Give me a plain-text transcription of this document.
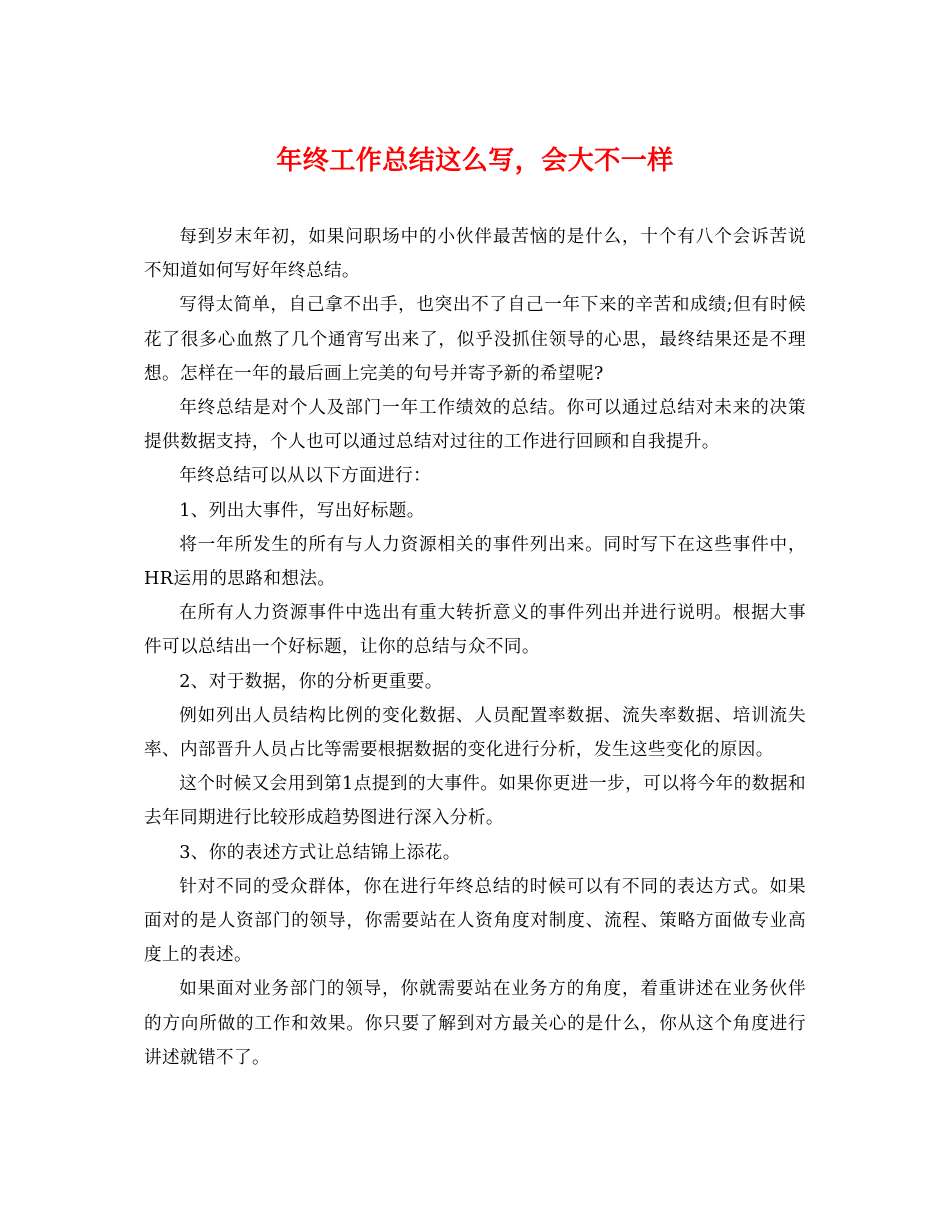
年终工作总结这么写，会大不一样

每到岁末年初，如果问职场中的小伙伴最苦恼的是什么，十个有八个会诉苦说不知道如何写好年终总结。

写得太简单，自己拿不出手，也突出不了自己一年下来的辛苦和成绩;但有时候花了很多心血熬了几个通宵写出来了，似乎没抓住领导的心思，最终结果还是不理想。怎样在一年的最后画上完美的句号并寄予新的希望呢?

年终总结是对个人及部门一年工作绩效的总结。你可以通过总结对未来的决策提供数据支持，个人也可以通过总结对过往的工作进行回顾和自我提升。

年终总结可以从以下方面进行：

1、列出大事件，写出好标题。

将一年所发生的所有与人力资源相关的事件列出来。同时写下在这些事件中，HR运用的思路和想法。

在所有人力资源事件中选出有重大转折意义的事件列出并进行说明。根据大事件可以总结出一个好标题，让你的总结与众不同。

2、对于数据，你的分析更重要。

例如列出人员结构比例的变化数据、人员配置率数据、流失率数据、培训流失率、内部晋升人员占比等需要根据数据的变化进行分析，发生这些变化的原因。

这个时候又会用到第1点提到的大事件。如果你更进一步，可以将今年的数据和去年同期进行比较形成趋势图进行深入分析。

3、你的表述方式让总结锦上添花。

针对不同的受众群体，你在进行年终总结的时候可以有不同的表达方式。如果面对的是人资部门的领导，你需要站在人资角度对制度、流程、策略方面做专业高度上的表述。

如果面对业务部门的领导，你就需要站在业务方的角度，着重讲述在业务伙伴的方向所做的工作和效果。你只要了解到对方最关心的是什么，你从这个角度进行讲述就错不了。
